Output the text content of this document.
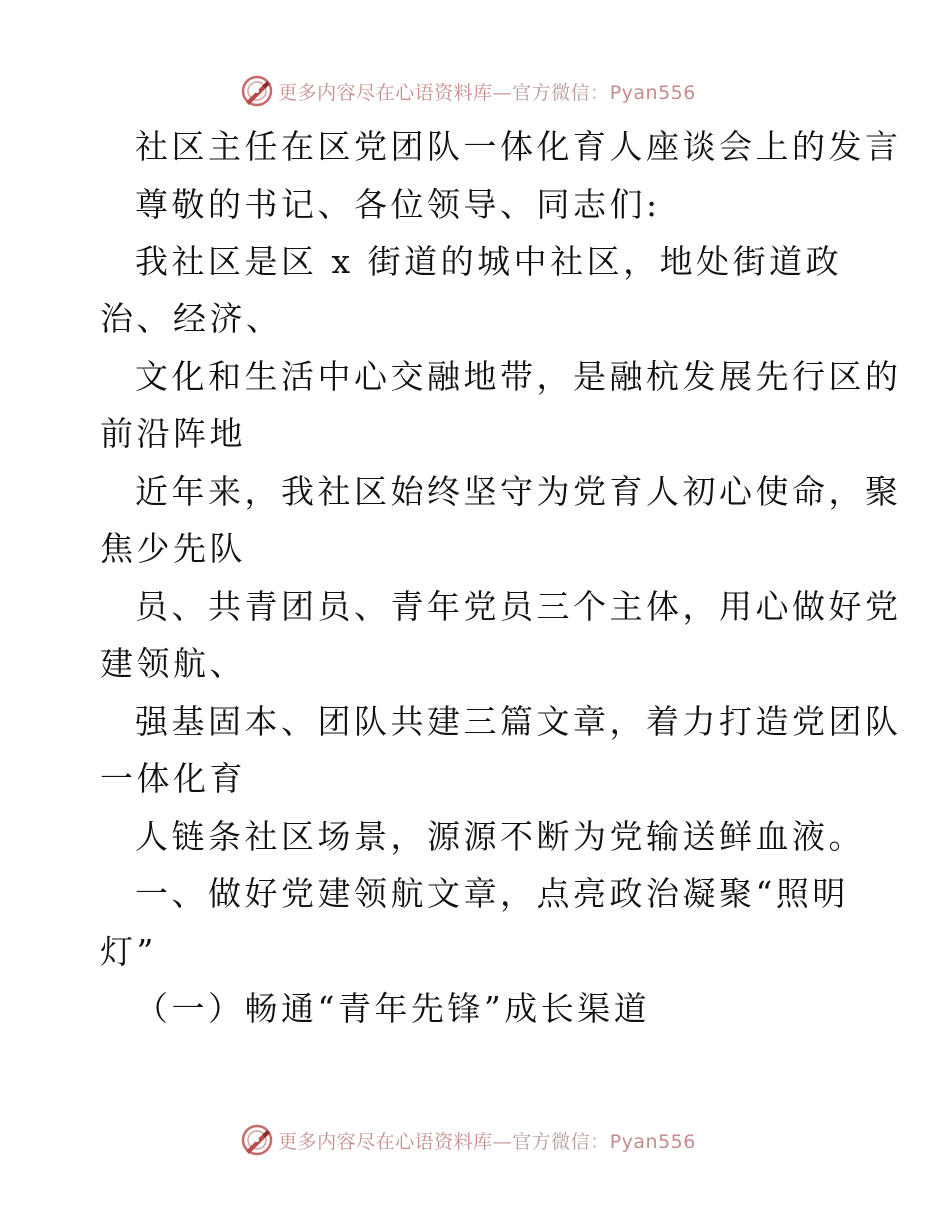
更多内容尽在心语资料库—官方微信：Pyan556
社区主任在区党团队一体化育人座谈会上的发言
尊敬的书记、各位领导、同志们:
我社区是区 x 街道的城中社区，地处街道政
治、经济、
文化和生活中心交融地带，是融杭发展先行区的
前沿阵地
近年来，我社区始终坚守为党育人初心使命，聚
焦少先队
员、共青团员、青年党员三个主体，用心做好党
建领航、
强基固本、团队共建三篇文章，着力打造党团队
一体化育
人链条社区场景，源源不断为党输送鲜血液。
一、做好党建领航文章，点亮政治凝聚“照明
灯”
（一）畅通“青年先锋”成长渠道
更多内容尽在心语资料库—官方微信：Pyan556
